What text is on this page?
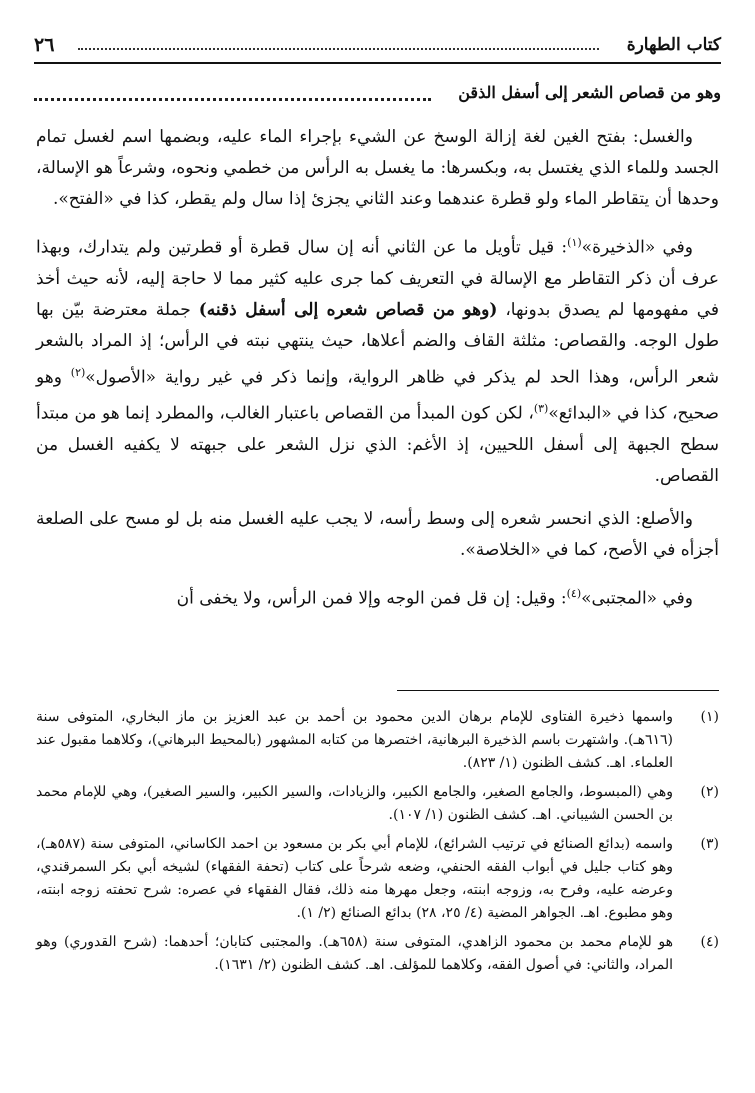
كتاب الطهارة
٢٦
وهو من قصاص الشعر إلى أسفل الذقن

والغسل: بفتح الغين لغة إزالة الوسخ عن الشيء بإجراء الماء عليه، وبضمها اسم لغسل تمام الجسد وللماء الذي يغتسل به، وبكسرها: ما يغسل به الرأس من خطمي ونحوه، وشرعاً هو الإسالة، وحدها أن يتقاطر الماء ولو قطرة عندهما وعند الثاني يجزئ إذا سال ولم يقطر، كذا في «الفتح».

وفي «الذخيرة»$^{(١)}$: قيل تأويل ما عن الثاني أنه إن سال قطرة أو قطرتين ولم يتدارك، وبهذا عرف أن ذكر التقاطر مع الإسالة في التعريف كما جرى عليه كثير مما لا حاجة إليه، لأنه حيث أخذ في مفهومها لم يصدق بدونها، (وهو من قصاص شعره إلى أسفل ذقنه) جملة معترضة بيّن بها طول الوجه. والقصاص: مثلثة القاف والضم أعلاها، حيث ينتهي نبته في الرأس؛ إذ المراد بالشعر شعر الرأس، وهذا الحد لم يذكر في ظاهر الرواية، وإنما ذكر في غير رواية «الأصول»$^{(٢)}$ وهو صحيح، كذا في «البدائع»$^{(٣)}$، لكن كون المبدأ من القصاص باعتبار الغالب، والمطرد إنما هو من مبتدأ سطح الجبهة إلى أسفل اللحيين، إذ الأغم: الذي نزل الشعر على جبهته لا يكفيه الغسل من القصاص.

والأصلع: الذي انحسر شعره إلى وسط رأسه، لا يجب عليه الغسل منه بل لو مسح على الصلعة أجزأه في الأصح، كما في «الخلاصة».

وفي «المجتبى»$^{(٤)}$: وقيل: إن قل فمن الوجه وإلا فمن الرأس، ولا يخفى أن

(١)
واسمها ذخيرة الفتاوى للإمام برهان الدين محمود بن أحمد بن عبد العزيز بن ماز البخاري، المتوفى سنة (٦١٦هـ). واشتهرت باسم الذخيرة البرهانية، اختصرها من كتابه المشهور (بالمحيط البرهاني)، وكلاهما مقبول عند العلماء. اهـ. كشف الظنون (١/ ٨٢٣).
(٢)
وهي (المبسوط، والجامع الصغير، والجامع الكبير، والزيادات، والسير الكبير، والسير الصغير)، وهي للإمام محمد بن الحسن الشيباني. اهـ. كشف الظنون (١/ ١٠٧).
(٣)
واسمه (بدائع الصنائع في ترتيب الشرائع)، للإمام أبي بكر بن مسعود بن احمد الكاساني، المتوفى سنة (٥٨٧هـ)، وهو كتاب جليل في أبواب الفقه الحنفي، وضعه شرحاً على كتاب (تحفة الفقهاء) لشيخه أبي بكر السمرقندي، وعرضه عليه، وفرح به، وزوجه ابنته، وجعل مهرها منه ذلك، فقال الفقهاء في عصره: شرح تحفته زوجه ابنته، وهو مطبوع. اهـ. الجواهر المضية (٤/ ٢٥، ٢٨) بدائع الصنائع (٢/ ١).
(٤)
هو للإمام محمد بن محمود الزاهدي، المتوفى سنة (٦٥٨هـ). والمجتبى كتابان؛ أحدهما: (شرح القدوري) وهو المراد، والثاني: في أصول الفقه، وكلاهما للمؤلف. اهـ. كشف الظنون (٢/ ١٦٣١).
